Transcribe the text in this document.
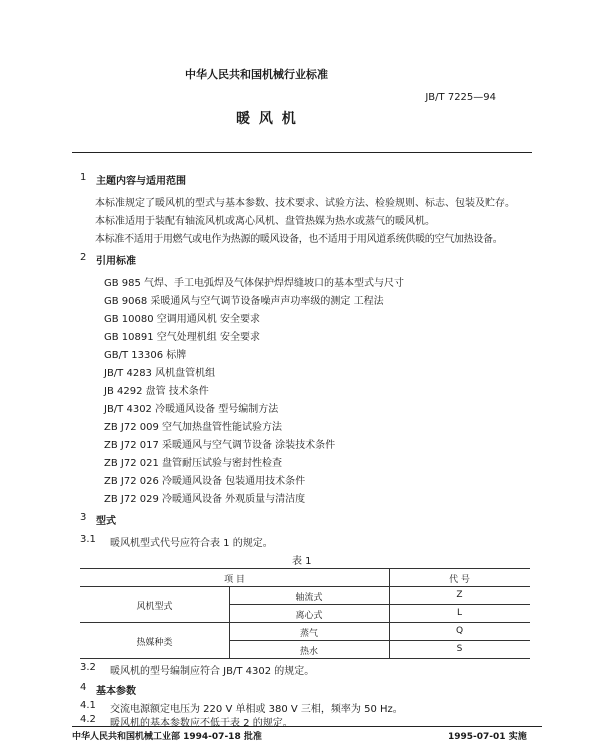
中华人民共和国机械行业标准
JB/T 7225—94
暖 风 机
1 主题内容与适用范围
本标准规定了暖风机的型式与基本参数、技术要求、试验方法、检验规则、标志、包装及贮存。
本标准适用于装配有轴流风机或离心风机、盘管热媒为热水或蒸气的暖风机。
本标准不适用于用燃气或电作为热源的暖风设备，也不适用于用风道系统供暖的空气加热设备。
2 引用标准
GB 985 气焊、手工电弧焊及气体保护焊焊缝坡口的基本型式与尺寸
GB 9068 采暖通风与空气调节设备噪声声功率级的测定 工程法
GB 10080 空调用通风机 安全要求
GB 10891 空气处理机组 安全要求
GB/T 13306 标牌
JB/T 4283 风机盘管机组
JB 4292 盘管 技术条件
JB/T 4302 冷暖通风设备 型号编制方法
ZB J72 009 空气加热盘管性能试验方法
ZB J72 017 采暖通风与空气调节设备 涂装技术条件
ZB J72 021 盘管耐压试验与密封性检查
ZB J72 026 冷暖通风设备 包装通用技术条件
ZB J72 029 冷暖通风设备 外观质量与清洁度
3 型式
3.1 暖风机型式代号应符合表 1 的规定。
表 1
项 目	代 号
风机型式
轴流式	Z
离心式	L
热媒种类
蒸气	Q
热水	S
3.2 暖风机的型号编制应符合 JB/T 4302 的规定。
4 基本参数
4.1 交流电源额定电压为 220 V 单相或 380 V 三相，频率为 50 Hz。
4.2 暖风机的基本参数应不低于表 2 的规定。
中华人民共和国机械工业部 1994-07-18 批准	1995-07-01 实施
